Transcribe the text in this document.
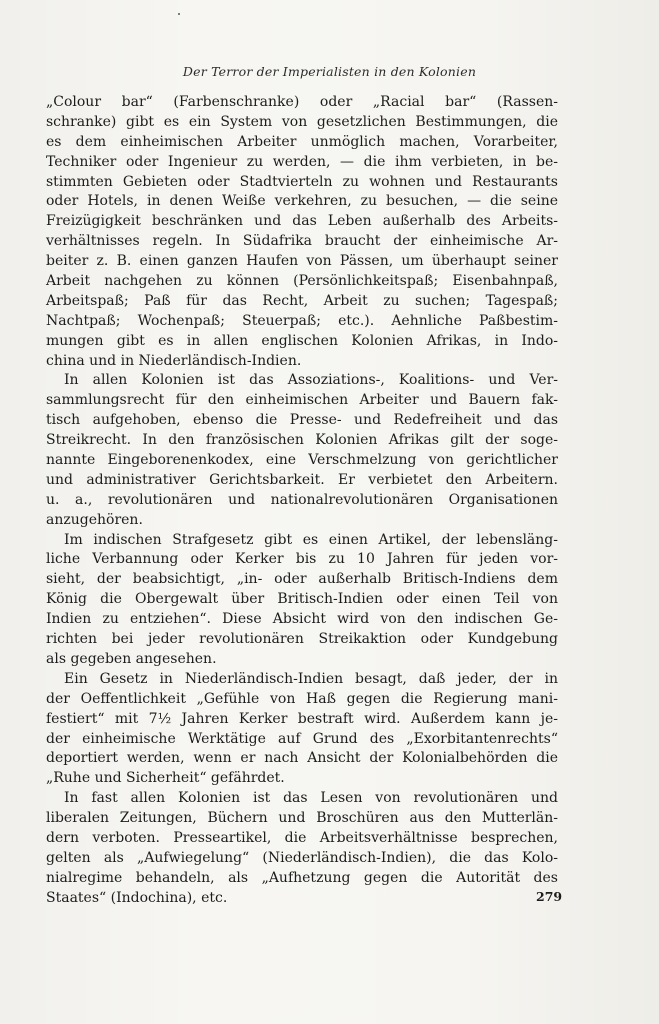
Der Terror der Imperialisten in den Kolonien
„Colour bar“ (Farbenschranke) oder „Racial bar“ (Rassen-
schranke) gibt es ein System von gesetzlichen Bestimmungen, die
es dem einheimischen Arbeiter unmöglich machen, Vorarbeiter,
Techniker oder Ingenieur zu werden, — die ihm verbieten, in be-
stimmten Gebieten oder Stadtvierteln zu wohnen und Restaurants
oder Hotels, in denen Weiße verkehren, zu besuchen, — die seine
Freizügigkeit beschränken und das Leben außerhalb des Arbeits-
verhältnisses regeln. In Südafrika braucht der einheimische Ar-
beiter z. B. einen ganzen Haufen von Pässen, um überhaupt seiner
Arbeit nachgehen zu können (Persönlichkeitspaß; Eisenbahnpaß,
Arbeitspaß; Paß für das Recht, Arbeit zu suchen; Tagespaß;
Nachtpaß; Wochenpaß; Steuerpaß; etc.). Aehnliche Paßbestim-
mungen gibt es in allen englischen Kolonien Afrikas, in Indo-
china und in Niederländisch-Indien.
In allen Kolonien ist das Assoziations-, Koalitions- und Ver-
sammlungsrecht für den einheimischen Arbeiter und Bauern fak-
tisch aufgehoben, ebenso die Presse- und Redefreiheit und das
Streikrecht. In den französischen Kolonien Afrikas gilt der soge-
nannte Eingeborenenkodex, eine Verschmelzung von gerichtlicher
und administrativer Gerichtsbarkeit. Er verbietet den Arbeitern.
u. a., revolutionären und nationalrevolutionären Organisationen
anzugehören.
Im indischen Strafgesetz gibt es einen Artikel, der lebensläng-
liche Verbannung oder Kerker bis zu 10 Jahren für jeden vor-
sieht, der beabsichtigt, „in- oder außerhalb Britisch-Indiens dem
König die Obergewalt über Britisch-Indien oder einen Teil von
Indien zu entziehen“. Diese Absicht wird von den indischen Ge-
richten bei jeder revolutionären Streikaktion oder Kundgebung
als gegeben angesehen.
Ein Gesetz in Niederländisch-Indien besagt, daß jeder, der in
der Oeffentlichkeit „Gefühle von Haß gegen die Regierung mani-
festiert“ mit 7½ Jahren Kerker bestraft wird. Außerdem kann je-
der einheimische Werktätige auf Grund des „Exorbitantenrechts“
deportiert werden, wenn er nach Ansicht der Kolonialbehörden die
„Ruhe und Sicherheit“ gefährdet.
In fast allen Kolonien ist das Lesen von revolutionären und
liberalen Zeitungen, Büchern und Broschüren aus den Mutterlän-
dern verboten. Presseartikel, die Arbeitsverhältnisse besprechen,
gelten als „Aufwiegelung“ (Niederländisch-Indien), die das Kolo-
nialregime behandeln, als „Aufhetzung gegen die Autorität des
Staates“ (Indochina), etc.	279
